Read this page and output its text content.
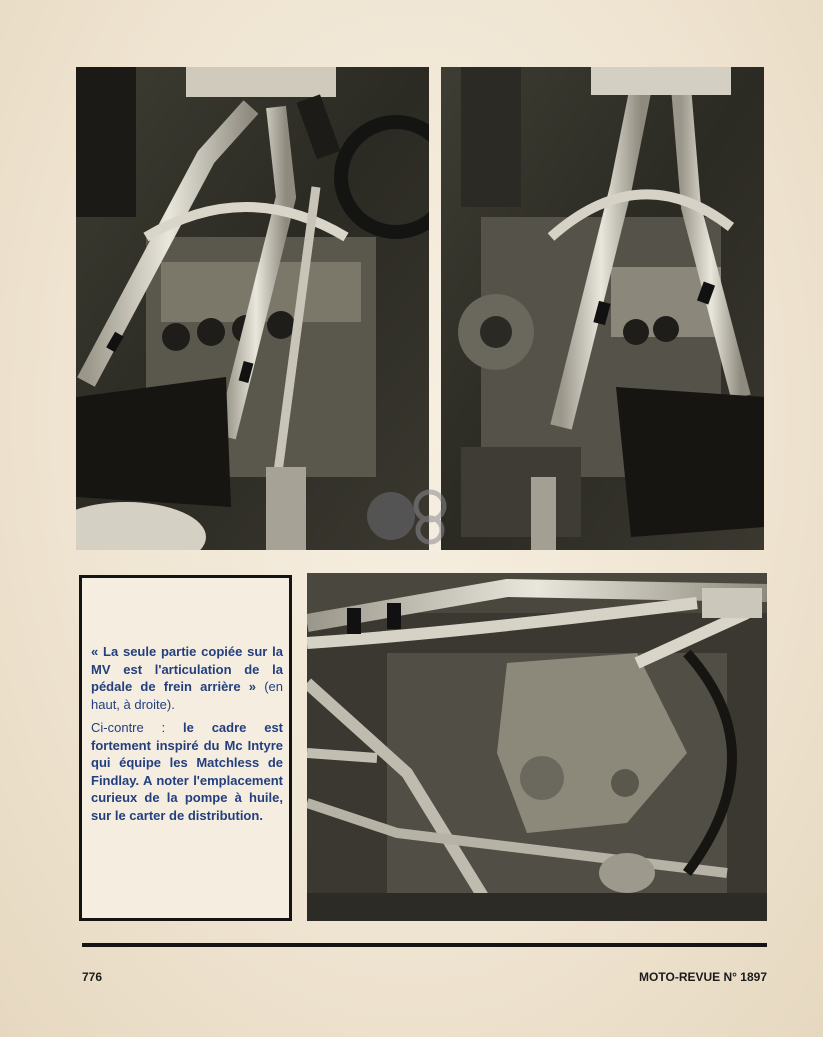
« La seule partie copiée sur la MV est l'articulation de la pédale de frein arrière » (en haut, à droite).

Ci-contre : le cadre est fortement inspiré du Mc Intyre qui équipe les Matchless de Findlay. A noter l'emplacement curieux de la pompe à huile, sur le carter de distribution.

776	MOTO-REVUE N° 1897
